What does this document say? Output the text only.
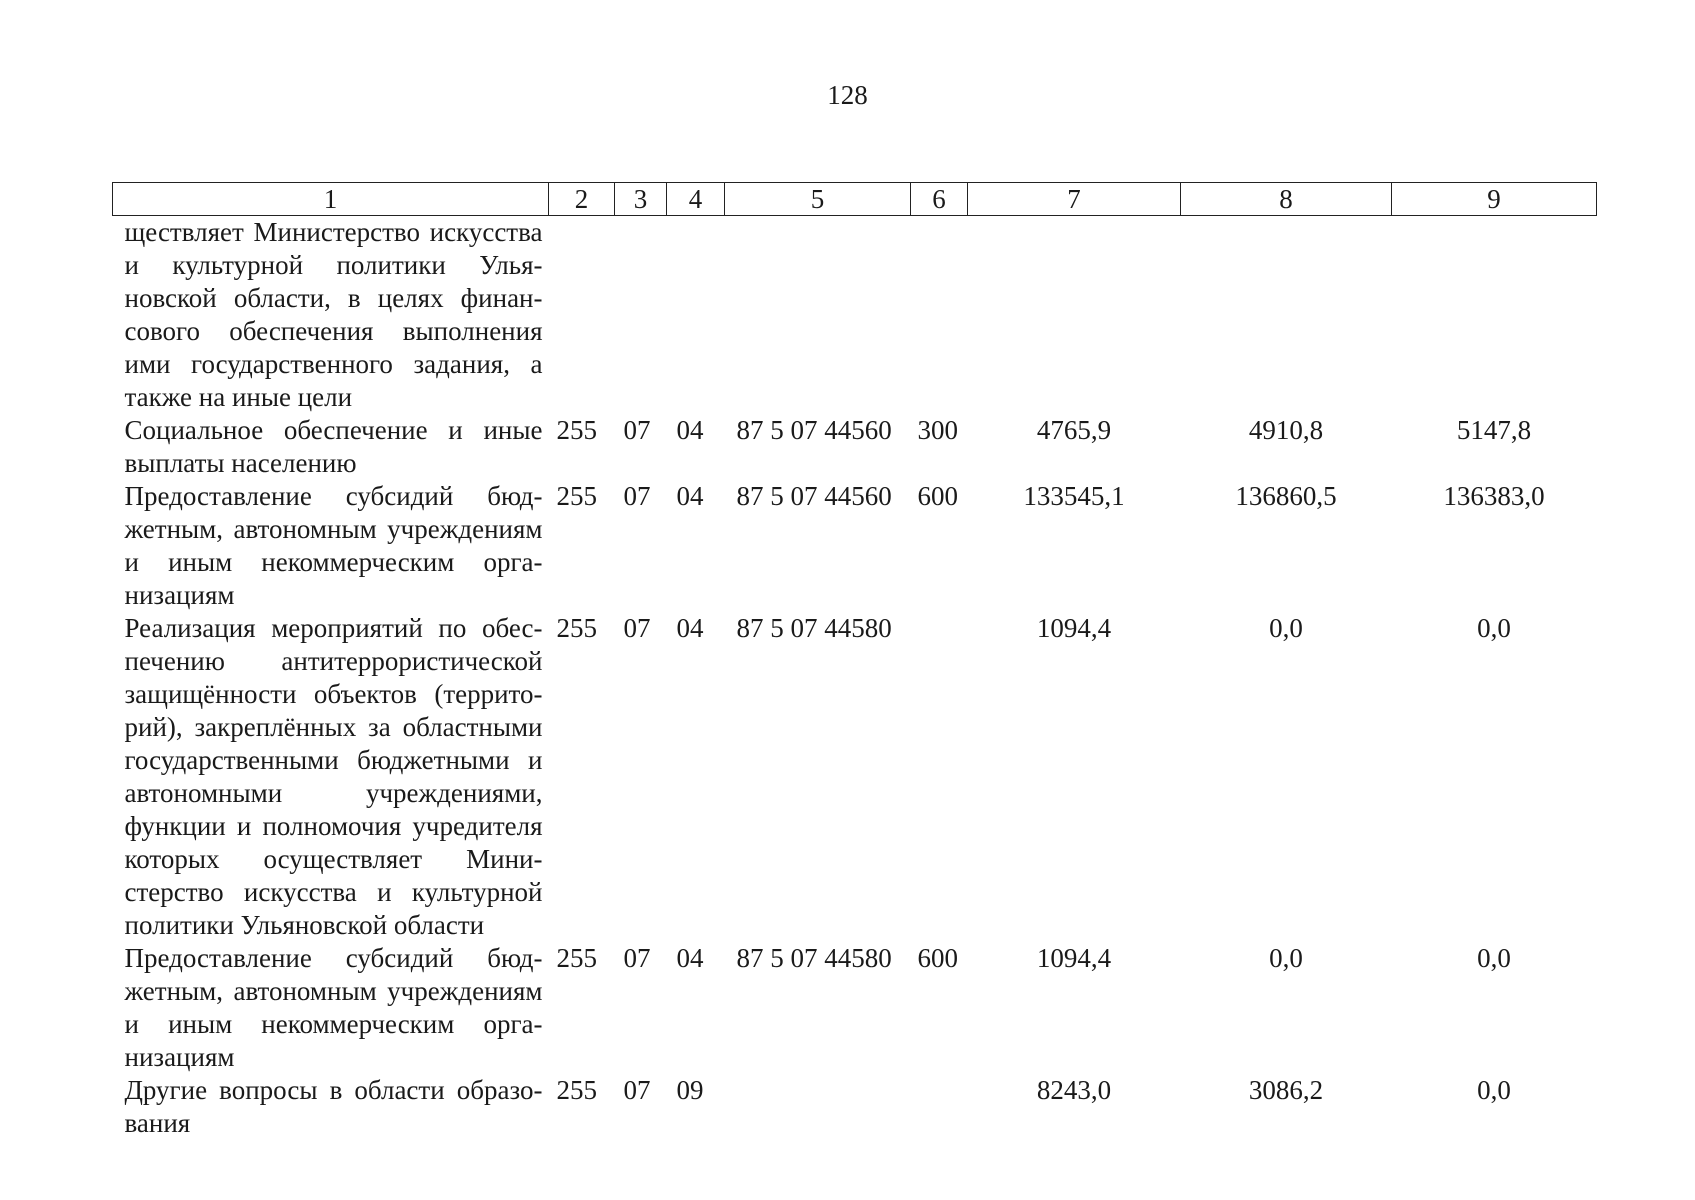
128
1	2	3	4	5	6	7	8	9
ществляет Министерство искусства и культурной политики Ульяновской области, в целях финансового обеспечения выполнения ими государственного задания, а также на иные цели								
Социальное обеспечение и иные выплаты населению	255	07	04	87 5 07 44560	300	4765,9	4910,8	5147,8
Предоставление субсидий бюджетным, автономным учреждениям и иным некоммерческим организациям	255	07	04	87 5 07 44560	600	133545,1	136860,5	136383,0
Реализация мероприятий по обеспечению антитеррористической защищённости объектов (территорий), закреплённых за областными государственными бюджетными и автономными учреждениями, функции и полномочия учредителя которых осуществляет Министерство искусства и культурной политики Ульяновской области	255	07	04	87 5 07 44580		1094,4	0,0	0,0
Предоставление субсидий бюджетным, автономным учреждениям и иным некоммерческим организациям	255	07	04	87 5 07 44580	600	1094,4	0,0	0,0
Другие вопросы в области образования	255	07	09			8243,0	3086,2	0,0
